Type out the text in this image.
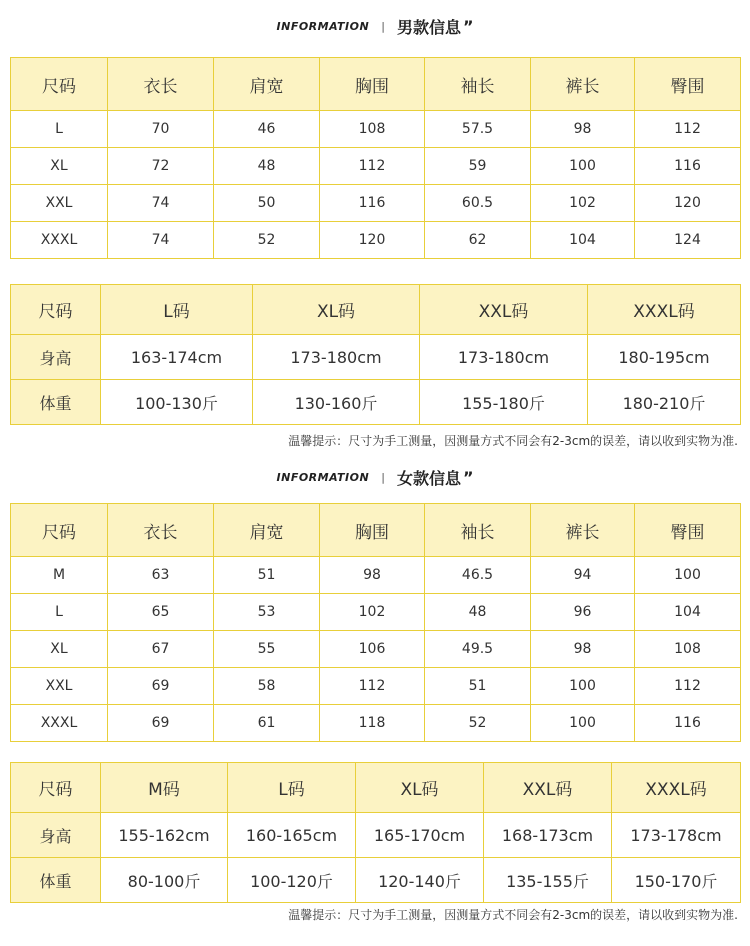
INFORMATION | 男款信息 ”
尺码	衣长	肩宽	胸围	袖长	裤长	臀围
L	70	46	108	57.5	98	112
XL	72	48	112	59	100	116
XXL	74	50	116	60.5	102	120
XXXL	74	52	120	62	104	124
尺码	L码	XL码	XXL码	XXXL码
身高	163-174cm	173-180cm	173-180cm	180-195cm
体重	100-130斤	130-160斤	155-180斤	180-210斤
温馨提示：尺寸为手工测量，因测量方式不同会有2-3cm的误差，请以收到实物为准.
INFORMATION | 女款信息 ”
尺码	衣长	肩宽	胸围	袖长	裤长	臀围
M	63	51	98	46.5	94	100
L	65	53	102	48	96	104
XL	67	55	106	49.5	98	108
XXL	69	58	112	51	100	112
XXXL	69	61	118	52	100	116
尺码	M码	L码	XL码	XXL码	XXXL码
身高	155-162cm	160-165cm	165-170cm	168-173cm	173-178cm
体重	80-100斤	100-120斤	120-140斤	135-155斤	150-170斤
温馨提示：尺寸为手工测量，因测量方式不同会有2-3cm的误差，请以收到实物为准.
